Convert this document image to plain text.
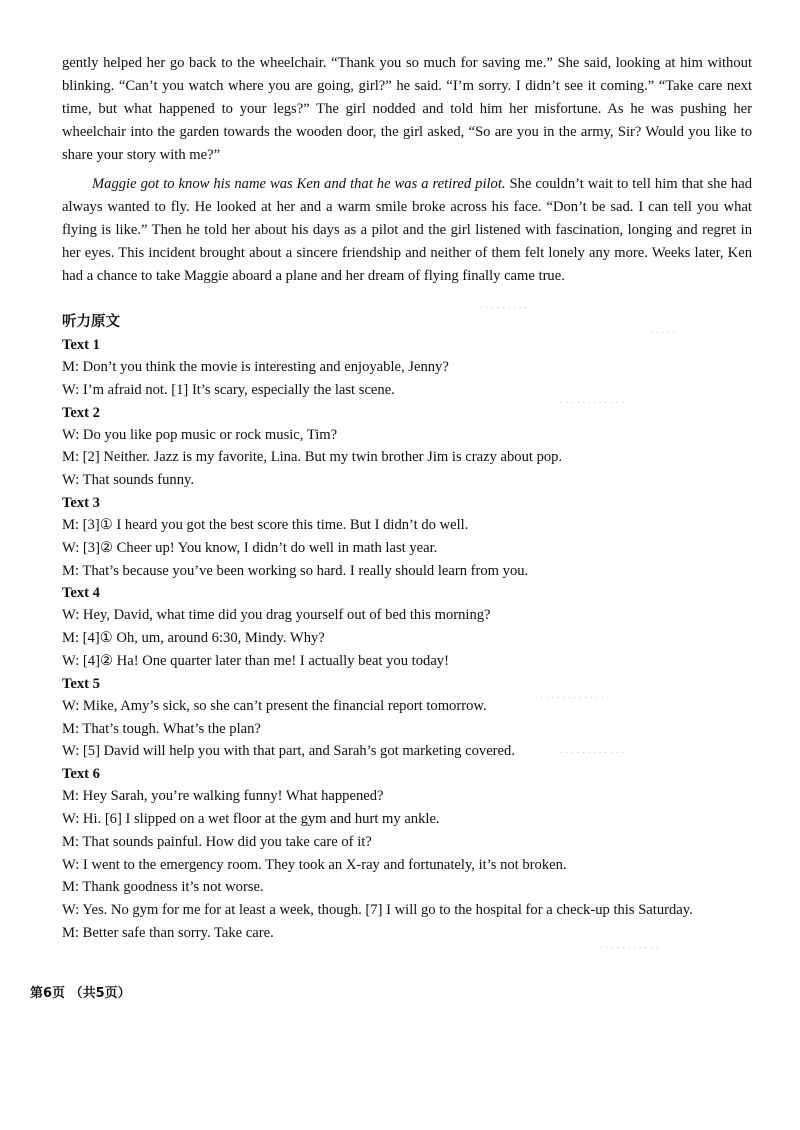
. . . . . . . . .
. . . . .
. . . . . . . . . . . .
. . . . . . . . . . . . .
. . . . . . . . . . . .
. . . . . . . . . . .

gently helped her go back to the wheelchair. “Thank you so much for saving me.” She said, looking at him without blinking. “Can’t you watch where you are going, girl?” he said. “I’m sorry. I didn’t see it coming.” “Take care next time, but what happened to your legs?” The girl nodded and told him her misfortune. As he was pushing her wheelchair into the garden towards the wooden door, the girl asked, “So are you in the army, Sir? Would you like to share your story with me?”

Maggie got to know his name was Ken and that he was a retired pilot. She couldn’t wait to tell him that she had always wanted to fly. He looked at her and a warm smile broke across his face. “Don’t be sad. I can tell you what flying is like.” Then he told her about his days as a pilot and the girl listened with fascination, longing and regret in her eyes. This incident brought about a sincere friendship and neither of them felt lonely any more. Weeks later, Ken had a chance to take Maggie aboard a plane and her dream of flying finally came true.

听力原文
Text 1
M: Don’t you think the movie is interesting and enjoyable, Jenny?
W: I’m afraid not. [1] It’s scary, especially the last scene.
Text 2
W: Do you like pop music or rock music, Tim?
M: [2] Neither. Jazz is my favorite, Lina. But my twin brother Jim is crazy about pop.
W: That sounds funny.
Text 3
M: [3]① I heard you got the best score this time. But I didn’t do well.
W: [3]② Cheer up! You know, I didn’t do well in math last year.
M: That’s because you’ve been working so hard. I really should learn from you.
Text 4
W: Hey, David, what time did you drag yourself out of bed this morning?
M: [4]① Oh, um, around 6:30, Mindy. Why?
W: [4]② Ha! One quarter later than me! I actually beat you today!
Text 5
W: Mike, Amy’s sick, so she can’t present the financial report tomorrow.
M: That’s tough. What’s the plan?
W: [5] David will help you with that part, and Sarah’s got marketing covered.
Text 6
M: Hey Sarah, you’re walking funny! What happened?
W: Hi. [6] I slipped on a wet floor at the gym and hurt my ankle.
M: That sounds painful. How did you take care of it?
W: I went to the emergency room. They took an X-ray and fortunately, it’s not broken.
M: Thank goodness it’s not worse.
W: Yes. No gym for me for at least a week, though. [7] I will go to the hospital for a check-up this Saturday.
M: Better safe than sorry. Take care.
第6页 （共5页）
